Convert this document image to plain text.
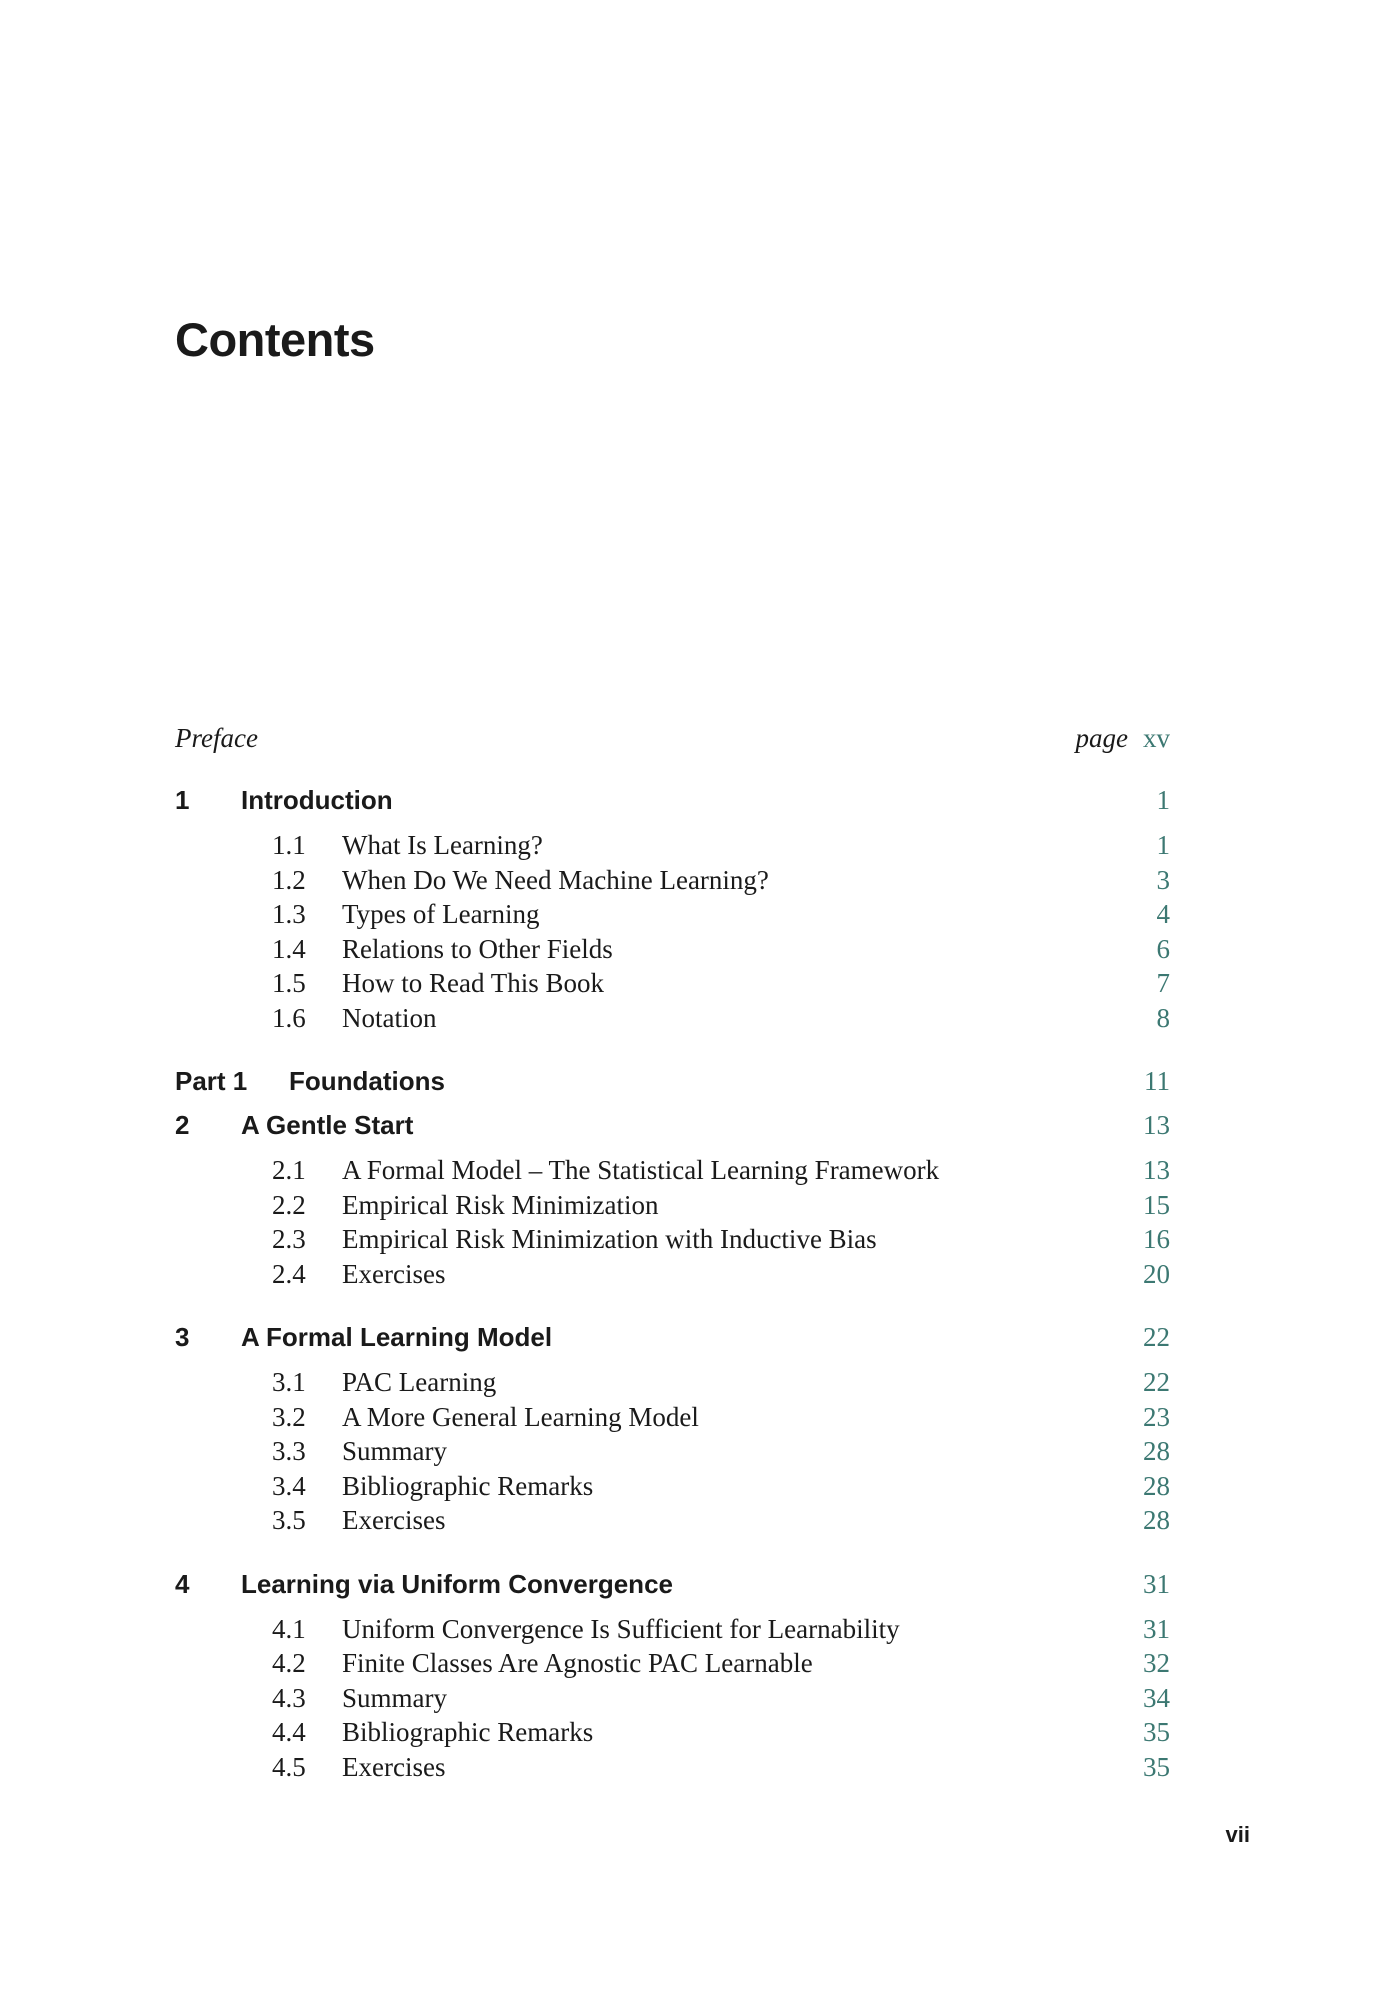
Contents
Preface	page xv
1	Introduction	1
1.1	What Is Learning?	1
1.2	When Do We Need Machine Learning?	3
1.3	Types of Learning	4
1.4	Relations to Other Fields	6
1.5	How to Read This Book	7
1.6	Notation	8
Part 1	Foundations	11
2	A Gentle Start	13
2.1	A Formal Model – The Statistical Learning Framework	13
2.2	Empirical Risk Minimization	15
2.3	Empirical Risk Minimization with Inductive Bias	16
2.4	Exercises	20
3	A Formal Learning Model	22
3.1	PAC Learning	22
3.2	A More General Learning Model	23
3.3	Summary	28
3.4	Bibliographic Remarks	28
3.5	Exercises	28
4	Learning via Uniform Convergence	31
4.1	Uniform Convergence Is Sufficient for Learnability	31
4.2	Finite Classes Are Agnostic PAC Learnable	32
4.3	Summary	34
4.4	Bibliographic Remarks	35
4.5	Exercises	35
vii
